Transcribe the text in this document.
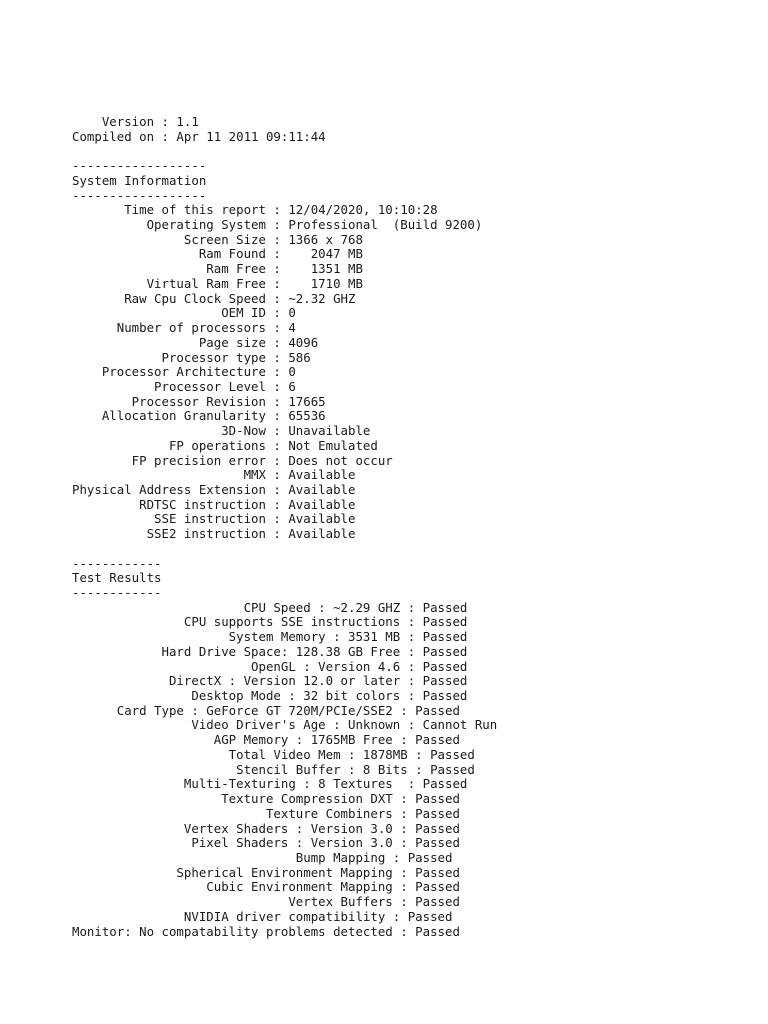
Version : 1.1
Compiled on : Apr 11 2011 09:11:44
------------------
System Information
------------------
Time of this report : 12/04/2020, 10:10:28
Operating System : Professional  (Build 9200)
Screen Size : 1366 x 768
Ram Found :    2047 MB
Ram Free :    1351 MB
Virtual Ram Free :    1710 MB
Raw Cpu Clock Speed : ~2.32 GHZ
OEM ID : 0
Number of processors : 4
Page size : 4096
Processor type : 586
Processor Architecture : 0
Processor Level : 6
Processor Revision : 17665
Allocation Granularity : 65536
3D-Now : Unavailable
FP operations : Not Emulated
FP precision error : Does not occur
MMX : Available
Physical Address Extension : Available
RDTSC instruction : Available
SSE instruction : Available
SSE2 instruction : Available
------------
Test Results
------------
CPU Speed : ~2.29 GHZ : Passed
CPU supports SSE instructions : Passed
System Memory : 3531 MB : Passed
Hard Drive Space: 128.38 GB Free : Passed
OpenGL : Version 4.6 : Passed
DirectX : Version 12.0 or later : Passed
Desktop Mode : 32 bit colors : Passed
Card Type : GeForce GT 720M/PCIe/SSE2 : Passed
Video Driver's Age : Unknown : Cannot Run
AGP Memory : 1765MB Free : Passed
Total Video Mem : 1878MB : Passed
Stencil Buffer : 8 Bits : Passed
Multi-Texturing : 8 Textures  : Passed
Texture Compression DXT : Passed
Texture Combiners : Passed
Vertex Shaders : Version 3.0 : Passed
Pixel Shaders : Version 3.0 : Passed
Bump Mapping : Passed
Spherical Environment Mapping : Passed
Cubic Environment Mapping : Passed
Vertex Buffers : Passed
NVIDIA driver compatibility : Passed
Monitor: No compatability problems detected : Passed
